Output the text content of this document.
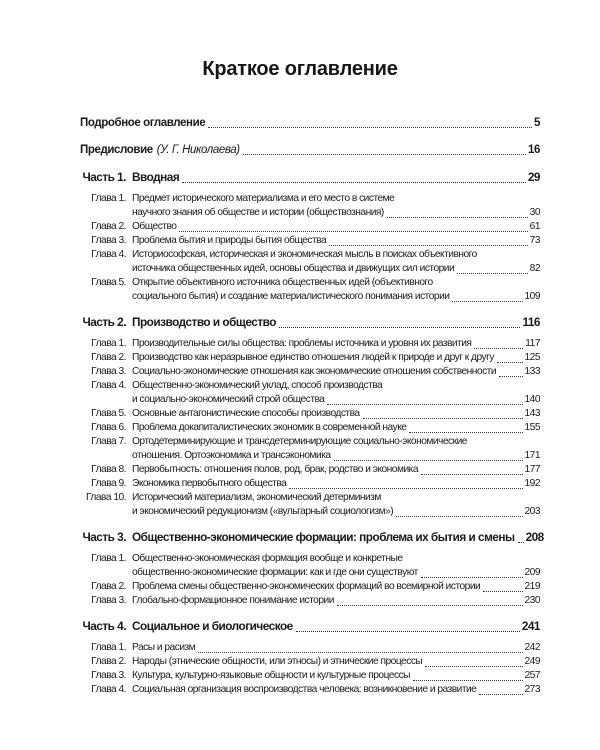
Краткое оглавление
Подробное оглавление	5
Предисловие (У. Г. Николаева)	16
Часть 1. Вводная	29
Глава 1. Предмет исторического материализма и его место в системе
научного знания об обществе и истории (обществознания)	30
Глава 2. Общество	61
Глава 3. Проблема бытия и природы бытия общества	73
Глава 4. Историософская, историческая и экономическая мысль в поисках объективного
источника общественных идей, основы общества и движущих сил истории	82
Глава 5. Открытие объективного источника общественных идей (объективного
социального бытия) и создание материалистического понимания истории	109
Часть 2. Производство и общество	116
Глава 1. Производительные силы общества: проблемы источника и уровня их развития	117
Глава 2. Производство как неразрывное единство отношения людей к природе и друг к другу	125
Глава 3. Социально-экономические отношения как экономические отношения собственности	133
Глава 4. Общественно-экономический уклад, способ производства
и социально-экономический строй общества	140
Глава 5. Основные антагонистические способы производства	143
Глава 6. Проблема докапиталистических экономик в современной науке	155
Глава 7. Ортодетерминирующие и трансдетерминирующие социально-экономические
отношения. Ортоэкономика и трансэкономика	171
Глава 8. Первобытность: отношения полов, род, брак, родство и экономика	177
Глава 9. Экономика первобытного общества	192
Глава 10. Исторический материализм, экономический детерминизм
и экономический редукционизм («вульгарный социологизм»)	203
Часть 3. Общественно-экономические формации: проблема их бытия и смены 208
Глава 1. Общественно-экономическая формация вообще и конкретные
общественно-экономические формации: как и где они существуют	209
Глава 2. Проблема смены общественно-экономических формаций во всемирной истории	219
Глава 3. Глобально-формационное понимание истории	230
Часть 4. Социальное и биологическое	241
Глава 1. Расы и расизм	242
Глава 2. Народы (этнические общности, или этносы) и этнические процессы	249
Глава 3. Культура, культурно-языковые общности и культурные процессы	257
Глава 4. Социальная организация воспроизводства человека: возникновение и развитие	273
